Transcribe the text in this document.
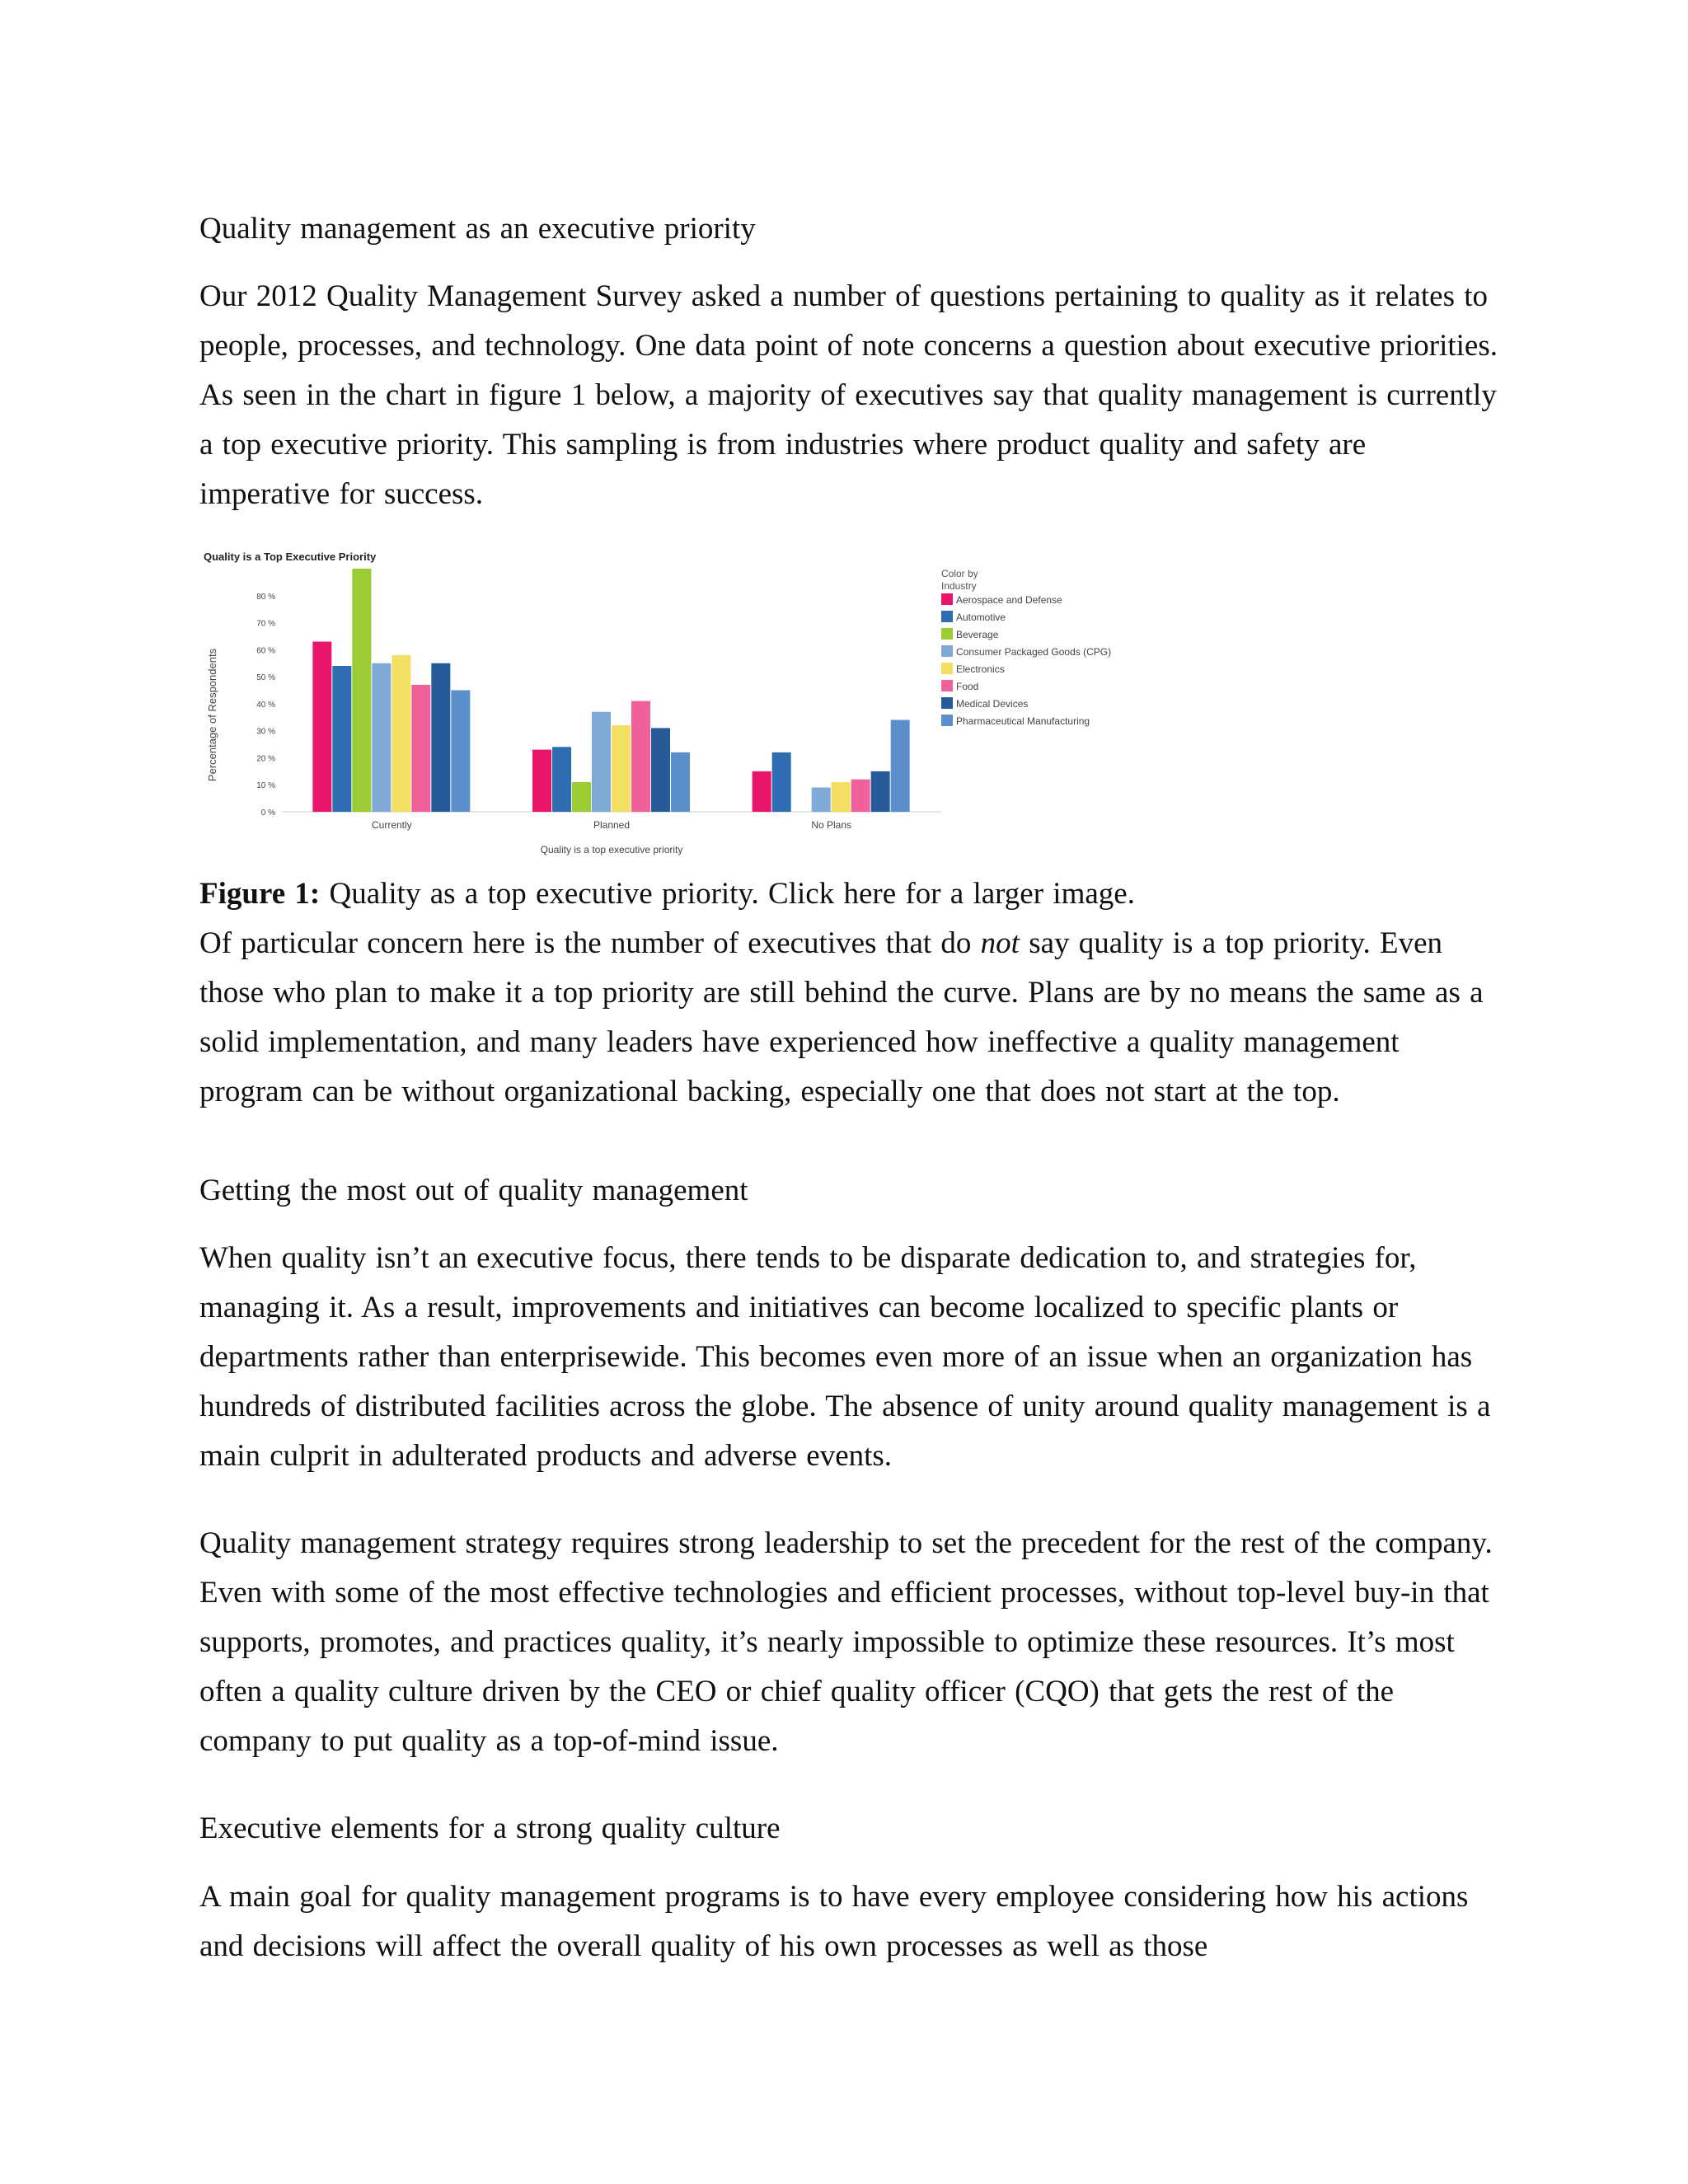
Quality management as an executive priority

Our 2012 Quality Management Survey asked a number of questions pertaining to quality as it relates to people, processes, and technology. One data point of note concerns a question about executive priorities. As seen in the chart in figure 1 below, a majority of executives say that quality management is currently a top executive priority. This sampling is from industries where product quality and safety are imperative for success.

Quality is a Top Executive Priority
Percentage of Respondents
0 %
10 %
20 %
30 %
40 %
50 %
60 %
70 %
80 %
Currently	Planned	No Plans
Quality is a top executive priority
Color by
Industry
Aerospace and Defense
Automotive
Beverage
Consumer Packaged Goods (CPG)
Electronics
Food
Medical Devices
Pharmaceutical Manufacturing

Figure 1: Quality as a top executive priority. Click here for a larger image.

Of particular concern here is the number of executives that do not say quality is a top priority. Even those who plan to make it a top priority are still behind the curve. Plans are by no means the same as a solid implementation, and many leaders have experienced how ineffective a quality management program can be without organizational backing, especially one that does not start at the top.

Getting the most out of quality management

When quality isn’t an executive focus, there tends to be disparate dedication to, and strategies for, managing it. As a result, improvements and initiatives can become localized to specific plants or departments rather than enterprisewide. This becomes even more of an issue when an organization has hundreds of distributed facilities across the globe. The absence of unity around quality management is a main culprit in adulterated products and adverse events.

Quality management strategy requires strong leadership to set the precedent for the rest of the company. Even with some of the most effective technologies and efficient processes, without top-level buy-in that supports, promotes, and practices quality, it’s nearly impossible to optimize these resources. It’s most often a quality culture driven by the CEO or chief quality officer (CQO) that gets the rest of the company to put quality as a top-of-mind issue.

Executive elements for a strong quality culture

A main goal for quality management programs is to have every employee considering how his actions and decisions will affect the overall quality of his own processes as well as those
